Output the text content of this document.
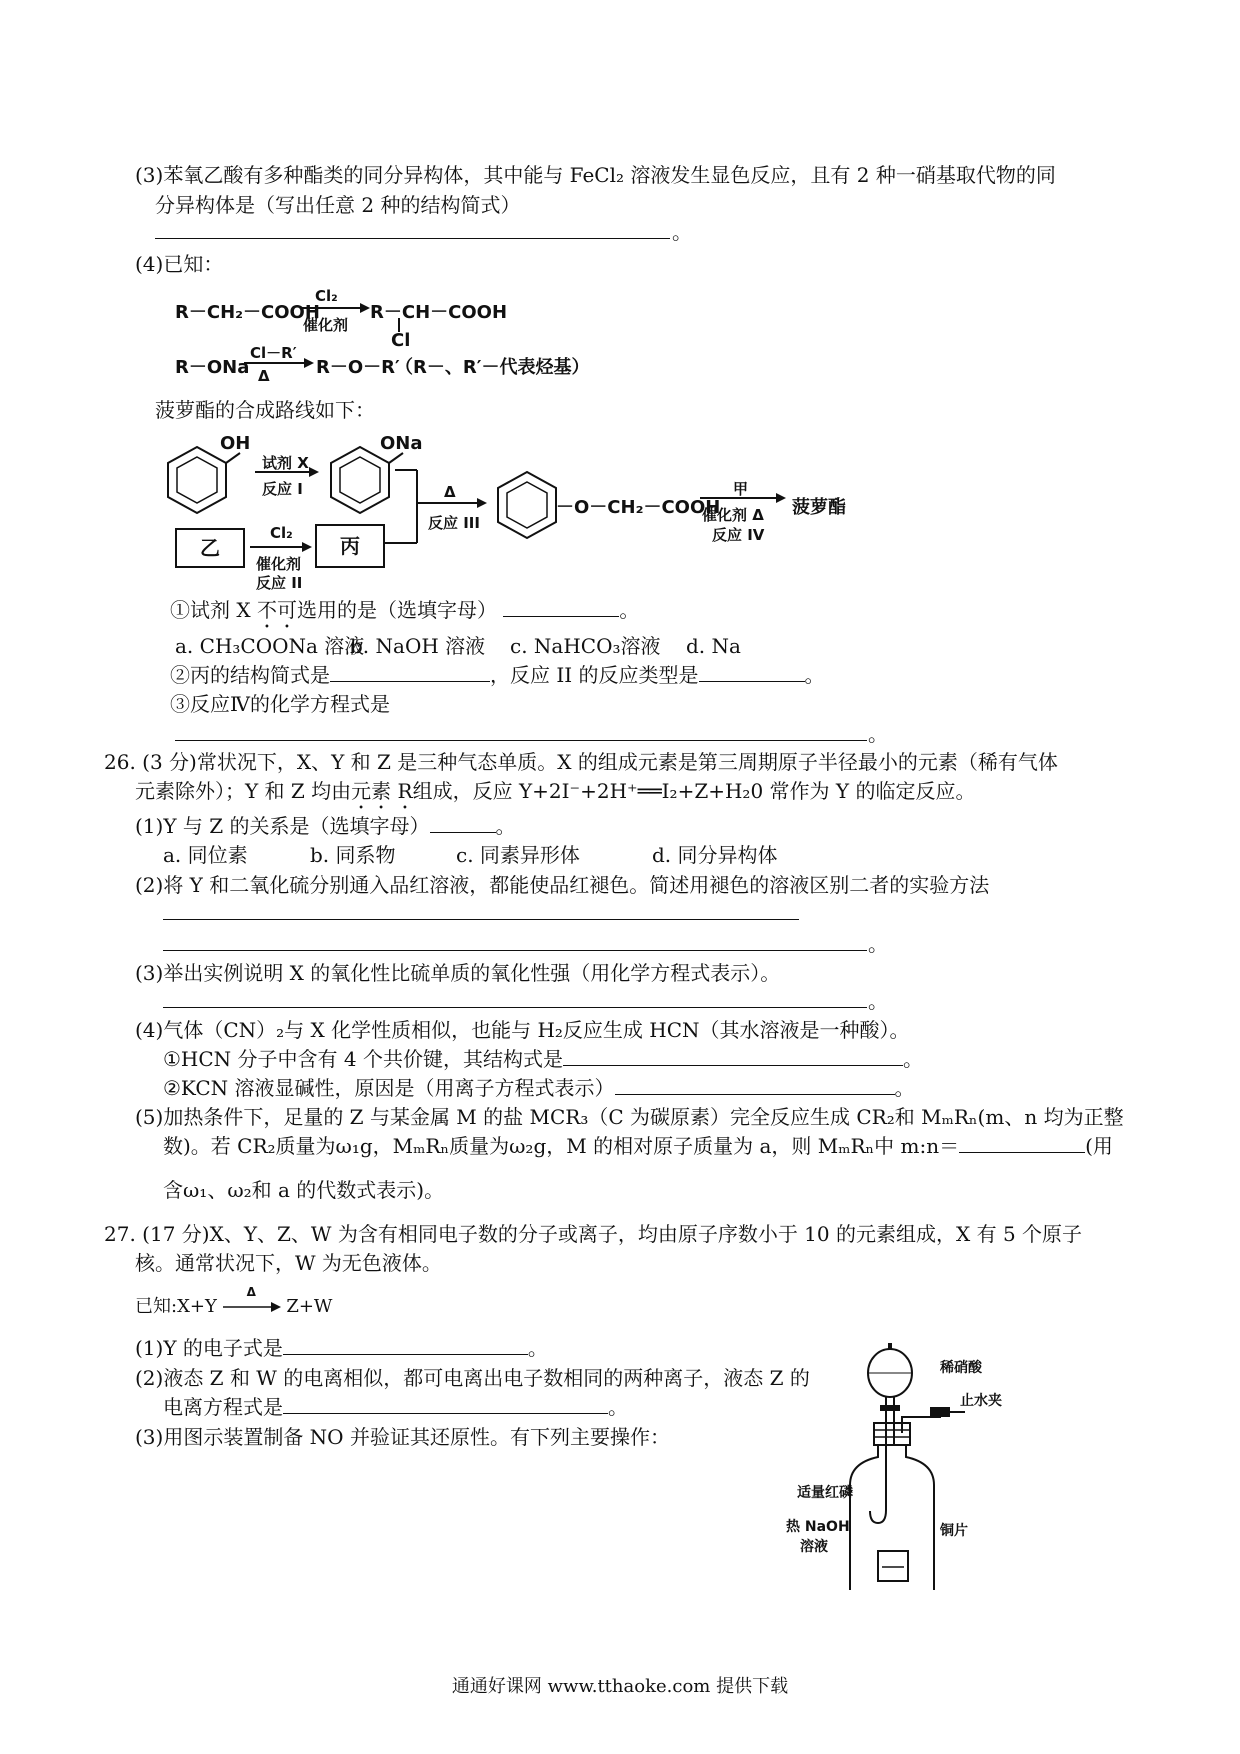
(3)苯氧乙酸有多种酯类的同分异构体，其中能与 FeCl₂ 溶液发生显色反应，且有 2 种一硝基取代物的同
分异构体是（写出任意 2 种的结构简式）
。
(4)已知：
R－CH₂－COOH
Cl₂
催化剂
R－CH－COOH
Cl
R－ONa
Cl－R′
Δ	R－O－R′
（R－、R′－代表烃基）
菠萝酯的合成路线如下：
OH
试剂 X
反应 I
ONa
Δ
反应 III
－O－CH₂－COOH
甲
催化剂 Δ
反应 IV
菠萝酯
乙
Cl₂
催化剂
反应 II
丙
①试剂 X 不可选用的是（选填字母）	。
a. CH₃COONa 溶液
b. NaOH 溶液 c. NaHCO₃溶液 d. Na
②丙的结构简式是	，反应 II 的反应类型是	。
③反应Ⅳ的化学方程式是
。
26. (3 分)常状况下，X、Y 和 Z 是三种气态单质。X 的组成元素是第三周期原子半径最小的元素（稀有气体
元素除外）；Y 和 Z 均由元素 R组成，反应 Y+2I⁻+2H⁺══I₂+Z+H₂0 常作为 Y 的临定反应。
(1)Y 与 Z 的关系是（选填字母）	。
a. 同位素	b. 同系物	c. 同素异形体	d. 同分异构体
(2)将 Y 和二氧化硫分别通入品红溶液，都能使品红褪色。简述用褪色的溶液区别二者的实验方法
。
(3)举出实例说明 X 的氧化性比硫单质的氧化性强（用化学方程式表示）。
。
(4)气体（CN）₂与 X 化学性质相似，也能与 H₂反应生成 HCN（其水溶液是一种酸）。
①HCN 分子中含有 4 个共价键，其结构式是	。
②KCN 溶液显碱性，原因是（用离子方程式表示）	。
(5)加热条件下，足量的 Z 与某金属 M 的盐 MCR₃（C 为碳原素）完全反应生成 CR₂和 MₘRₙ(m、n 均为正整
数)。若 CR₂质量为ω₁g，MₘRₙ质量为ω₂g，M 的相对原子质量为 a，则 MₘRₙ中 m:n＝	(用
含ω₁、ω₂和 a 的代数式表示)。
27. (17 分)X、Y、Z、W 为含有相同电子数的分子或离子，均由原子序数小于 10 的元素组成，X 有 5 个原子
核。通常状况下，W 为无色液体。
已知:X+Y
Δ
Z+W
(1)Y 的电子式是	。
(2)液态 Z 和 W 的电离相似，都可电离出电子数相同的两种离子，液态 Z 的
电离方程式是	。
(3)用图示装置制备 NO 并验证其还原性。有下列主要操作：
稀硝酸
止水夹
适量红磷
热 NaOH
溶液
铜片
通通好课网 www.tthaoke.com 提供下载
